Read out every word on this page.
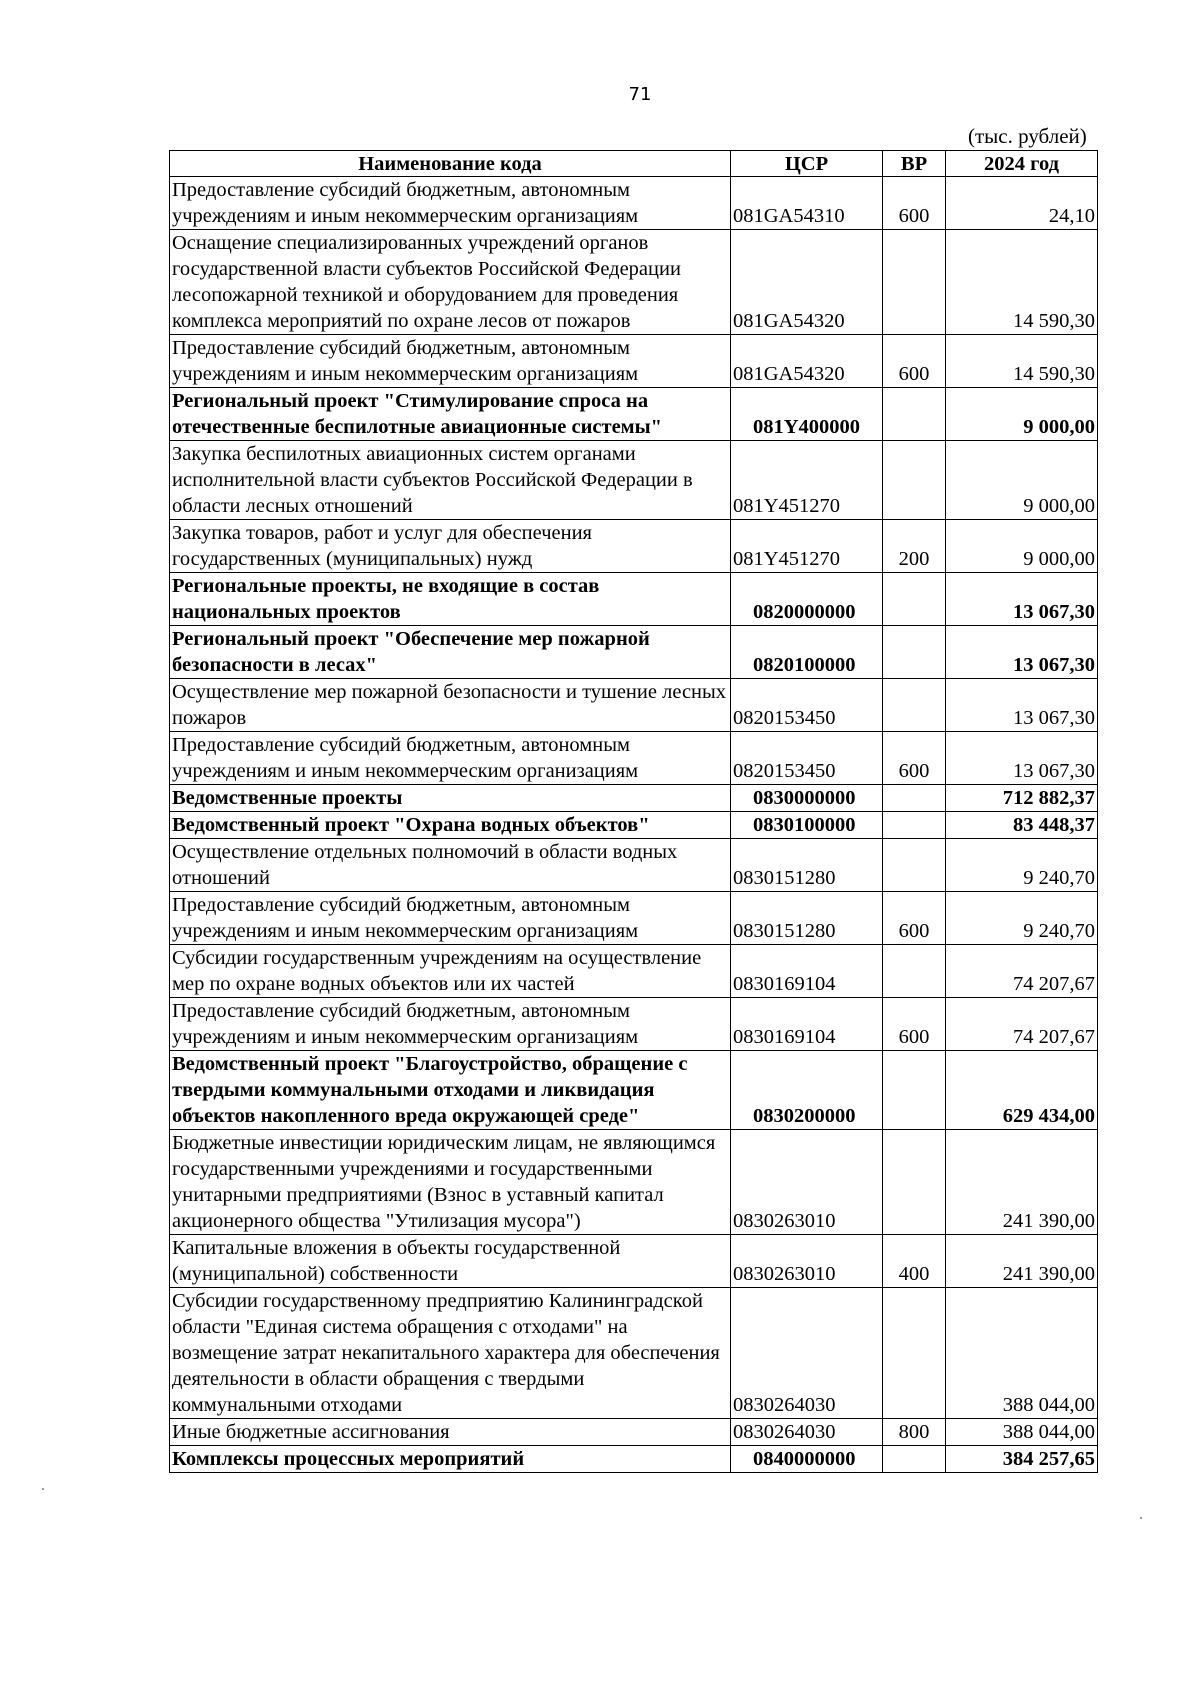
71
(тыс. рублей)
Наименование кода	ЦСР	ВР	2024 год
Предоставление субсидий бюджетным, автономным учреждениям и иным некоммерческим организациям	081GA54310	600	24,10
Оснащение специализированных учреждений органов государственной власти субъектов Российской Федерации лесопожарной техникой и оборудованием для проведения комплекса мероприятий по охране лесов от пожаров	081GA54320		14 590,30
Предоставление субсидий бюджетным, автономным учреждениям и иным некоммерческим организациям	081GA54320	600	14 590,30
Региональный проект "Стимулирование спроса на отечественные беспилотные авиационные системы"	081Y400000		9 000,00
Закупка беспилотных авиационных систем органами исполнительной власти субъектов Российской Федерации в области лесных отношений	081Y451270		9 000,00
Закупка товаров, работ и услуг для обеспечения государственных (муниципальных) нужд	081Y451270	200	9 000,00
Региональные проекты, не входящие в состав национальных проектов	0820000000		13 067,30
Региональный проект "Обеспечение мер пожарной безопасности в лесах"	0820100000		13 067,30
Осуществление мер пожарной безопасности и тушение лесных пожаров	0820153450		13 067,30
Предоставление субсидий бюджетным, автономным учреждениям и иным некоммерческим организациям	0820153450	600	13 067,30
Ведомственные проекты	0830000000		712 882,37
Ведомственный проект "Охрана водных объектов"	0830100000		83 448,37
Осуществление отдельных полномочий в области водных отношений	0830151280		9 240,70
Предоставление субсидий бюджетным, автономным учреждениям и иным некоммерческим организациям	0830151280	600	9 240,70
Субсидии государственным учреждениям на осуществление мер по охране водных объектов или их частей	0830169104		74 207,67
Предоставление субсидий бюджетным, автономным учреждениям и иным некоммерческим организациям	0830169104	600	74 207,67
Ведомственный проект "Благоустройство, обращение с твердыми коммунальными отходами и ликвидация объектов накопленного вреда окружающей среде"	0830200000		629 434,00
Бюджетные инвестиции юридическим лицам, не являющимся государственными учреждениями и государственными унитарными предприятиями (Взнос в уставный капитал акционерного общества "Утилизация мусора")	0830263010		241 390,00
Капитальные вложения в объекты государственной (муниципальной) собственности	0830263010	400	241 390,00
Субсидии государственному предприятию Калининградской области "Единая система обращения с отходами" на возмещение затрат некапитального характера для обеспечения деятельности в области обращения с твердыми коммунальными отходами	0830264030		388 044,00
Иные бюджетные ассигнования	0830264030	800	388 044,00
Комплексы процессных мероприятий	0840000000		384 257,65
